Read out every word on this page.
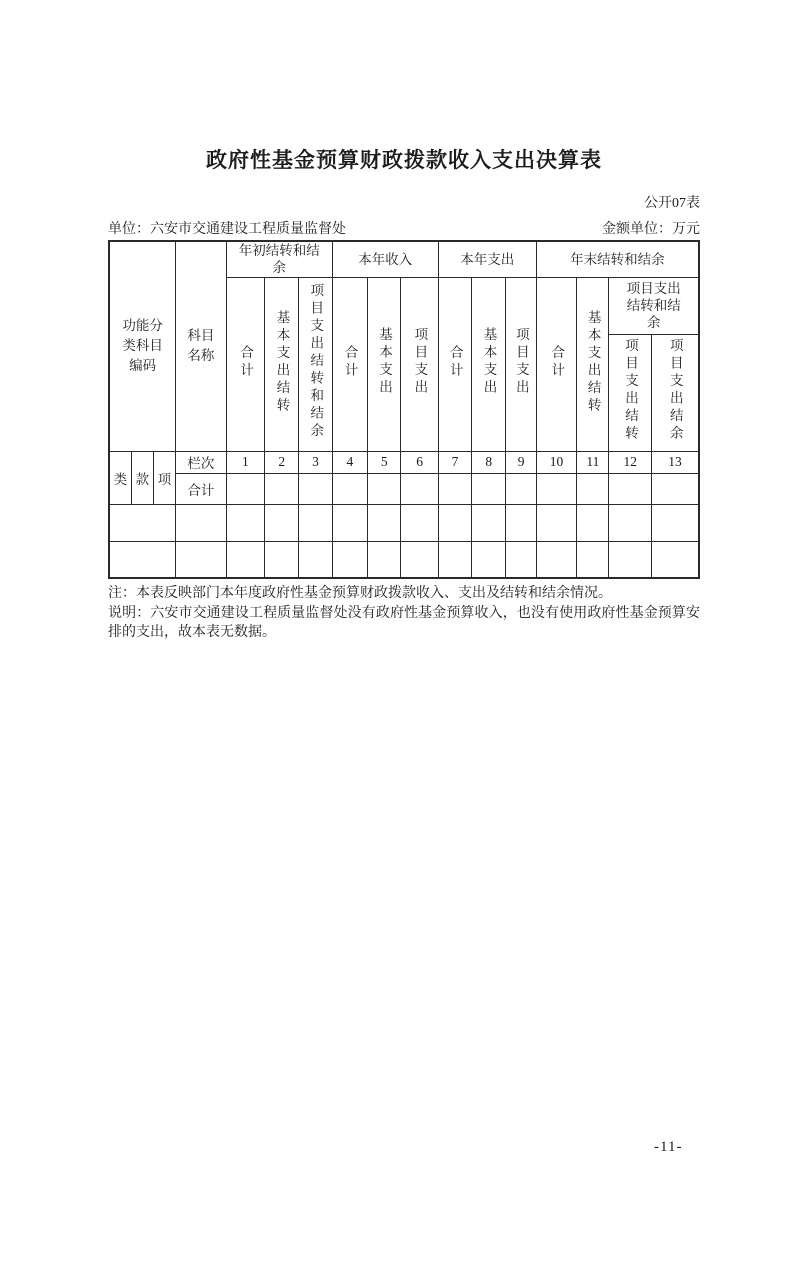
政府性基金预算财政拨款收入支出决算表
公开07表
单位：六安市交通建设工程质量监督处	金额单位：万元
功能分类科目编码			科目名称	年初结转和结余			本年收入			本年支出			年末结转和结余			
				合计	基本支出结转	项目支出结转和结余	合计	基本支出	项目支出	合计	基本支出	项目支出	合计	基本支出结转	项目支出结转和结余	
															项目支出结转	项目支出结余
类	款	项	栏次	1	2	3	4	5	6	7	8	9	10	11	12	13
			合计													

注：本表反映部门本年度政府性基金预算财政拨款收入、支出及结转和结余情况。
说明：六安市交通建设工程质量监督处没有政府性基金预算收入，也没有使用政府性基金预算安排的支出，故本表无数据。
-11-
